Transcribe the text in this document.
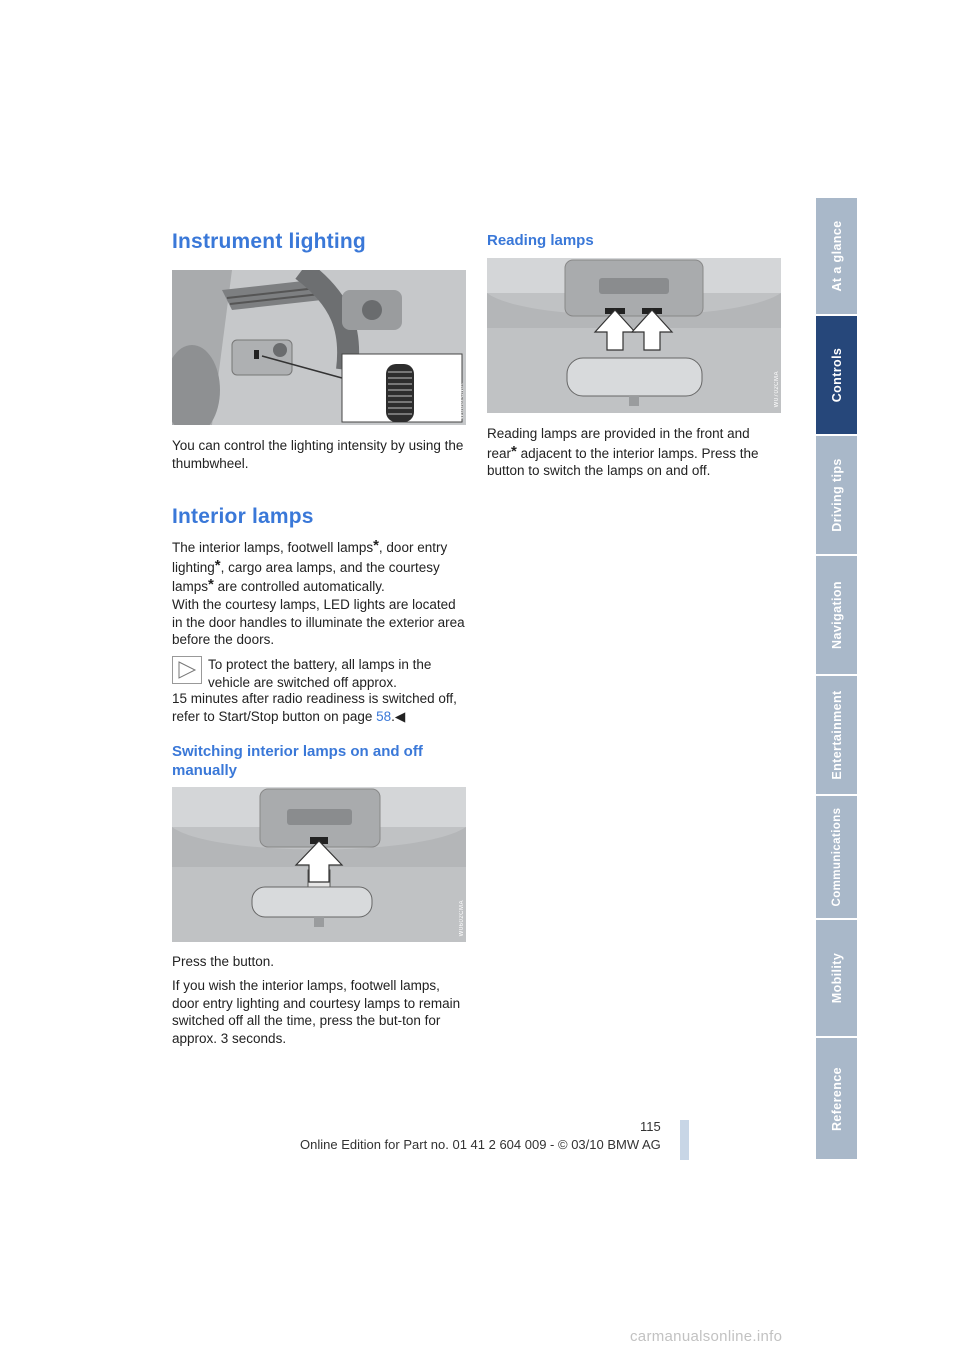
Instrument lighting
W0602CMA

You can control the lighting intensity by using the thumbwheel.

Interior lamps

The interior lamps, footwell lamps*, door entry lighting*, cargo area lamps, and the courtesy lamps* are controlled automatically.

With the courtesy lamps, LED lights are located in the door handles to illuminate the exterior area before the doors.

To protect the battery, all lamps in the vehicle are switched off approx.

15 minutes after radio readiness is switched off, refer to Start/Stop button on page 58.◀

Switching interior lamps on and off manually
W0602CMA

Press the button.

If you wish the interior lamps, footwell lamps, door entry lighting and courtesy lamps to remain switched off all the time, press the but-ton for approx. 3 seconds.

Reading lamps
W0702CMA

Reading lamps are provided in the front and rear* adjacent to the interior lamps. Press the button to switch the lamps on and off.

At a glance
Controls
Driving tips
Navigation
Entertainment
Communications
Mobility
Reference
115
Online Edition for Part no. 01 41 2 604 009 - © 03/10 BMW AG
carmanualsonline.info
